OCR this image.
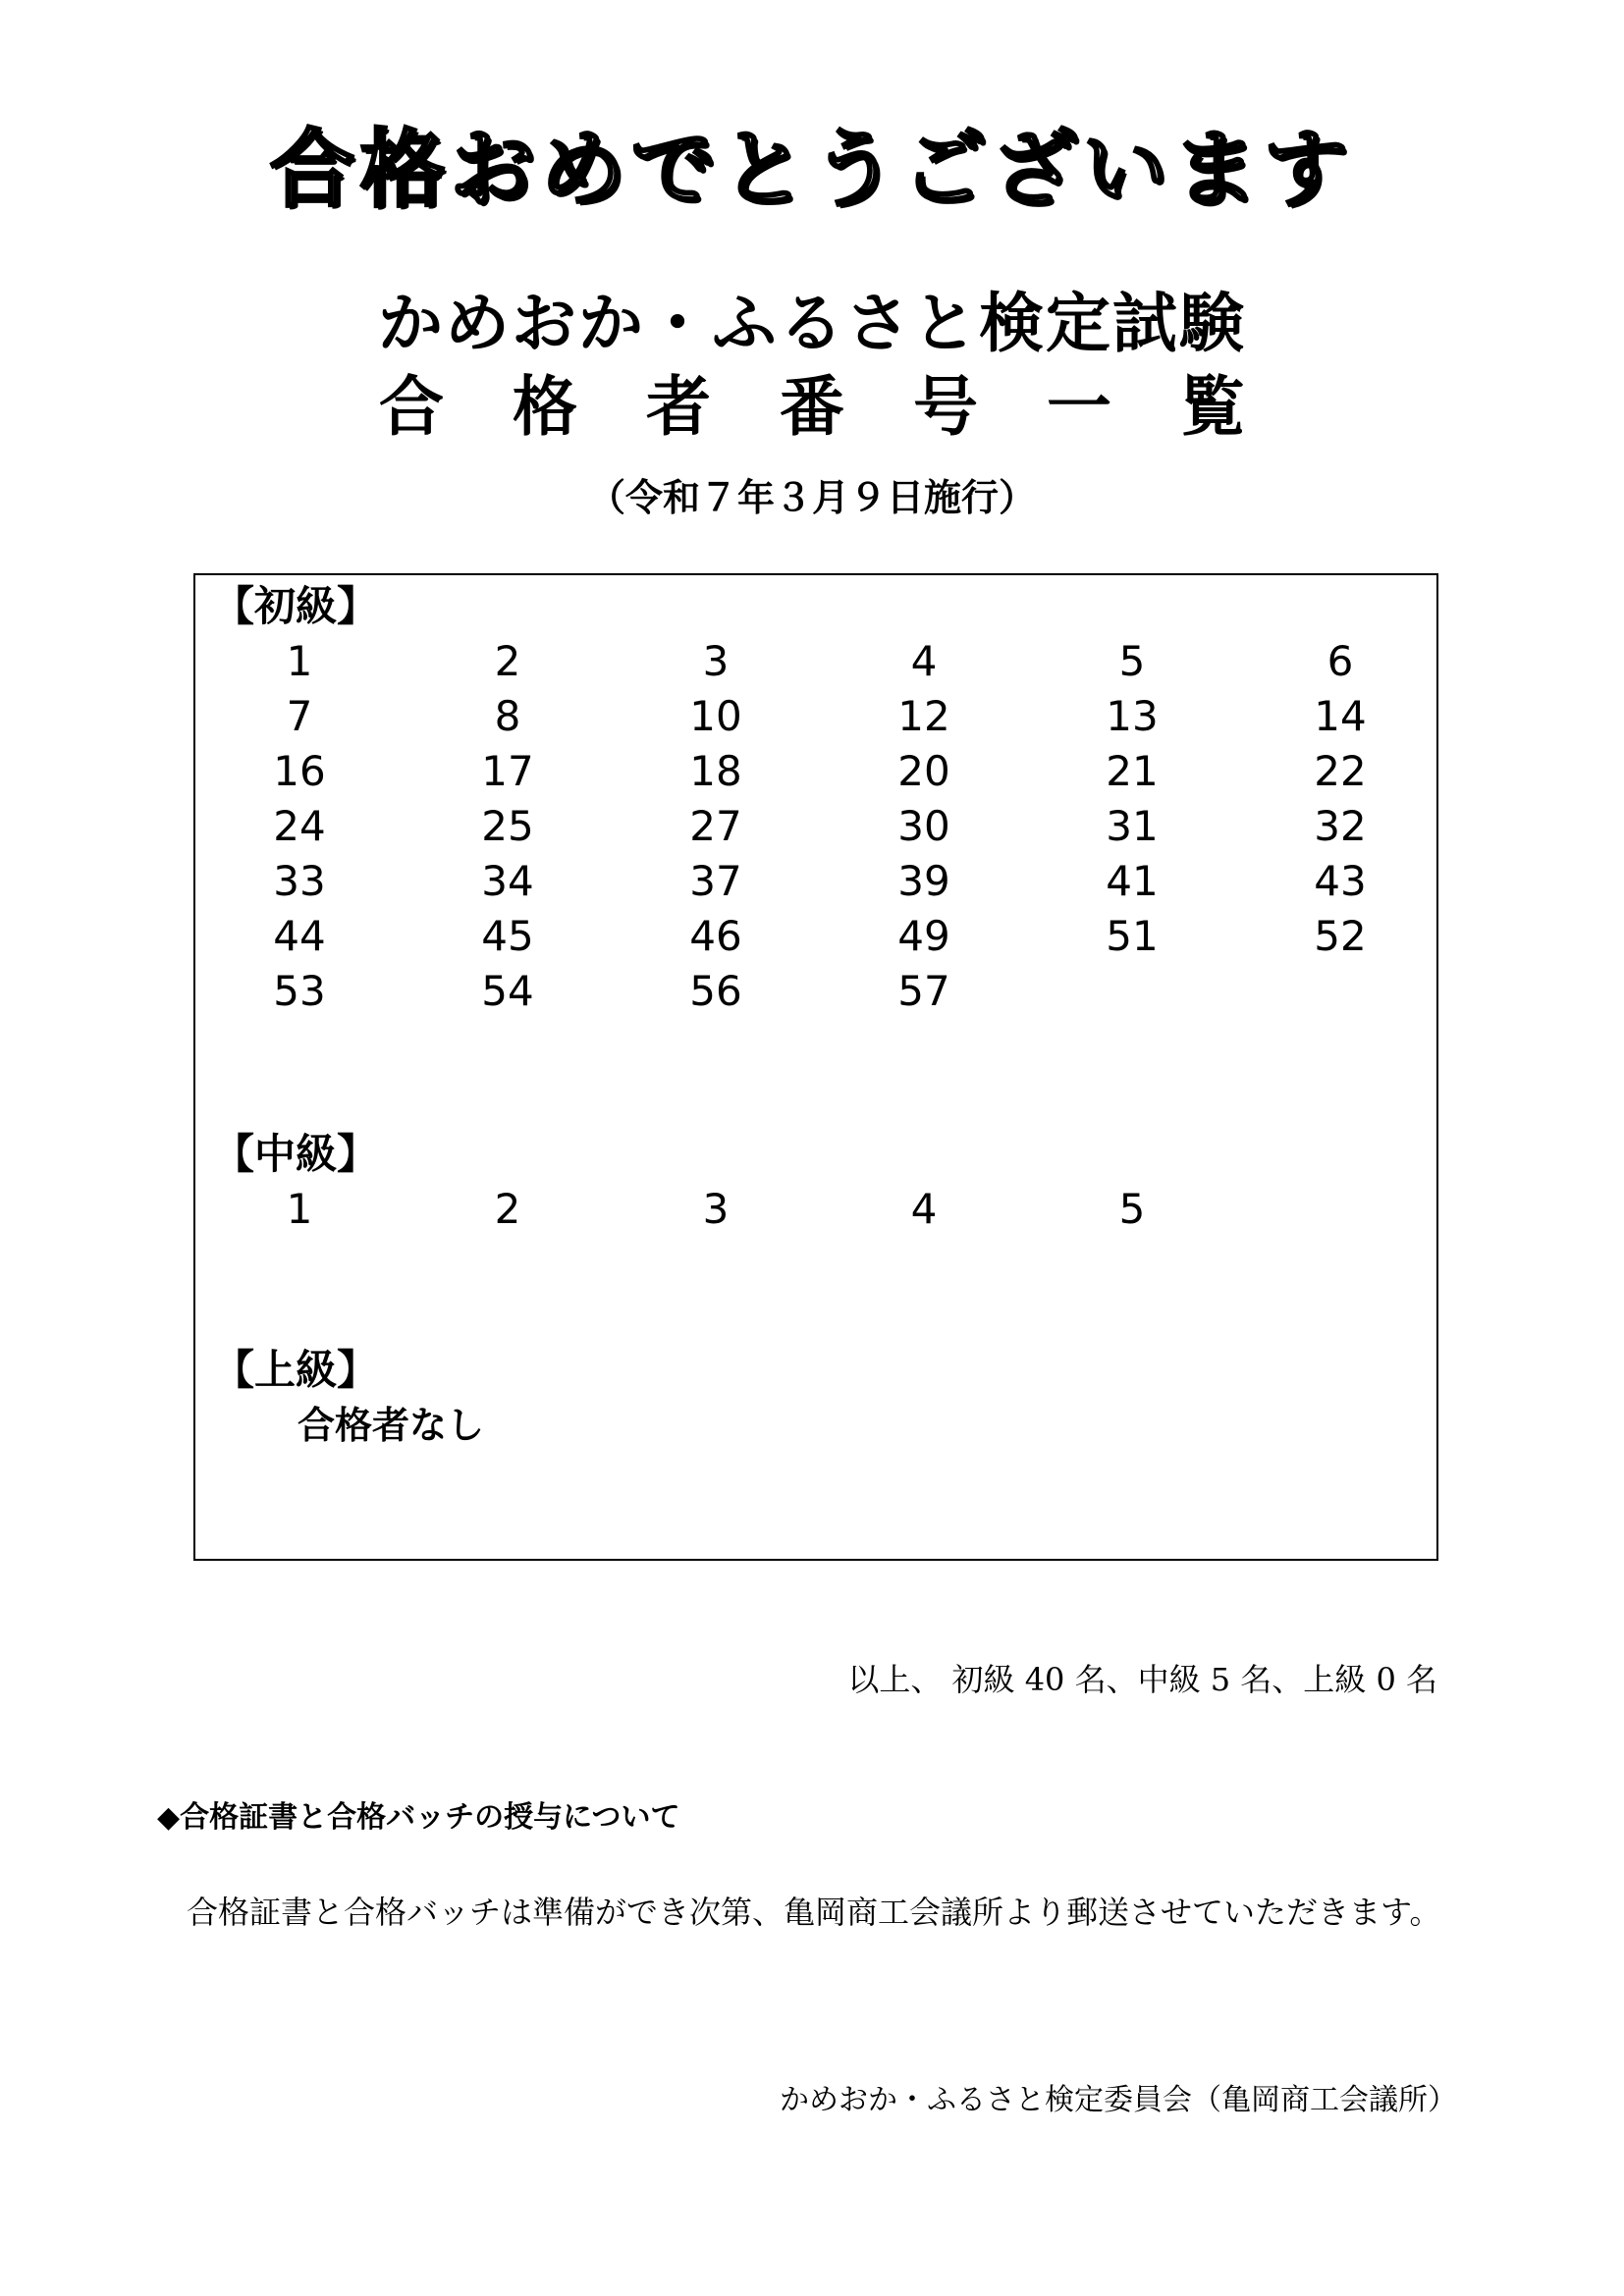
合格おめでとうございます
かめおか・ふるさと検定試験
合格者番号一覧
（令和７年３月９日施行）
【初級】
1	2	3	4	5	6
7	8	10	12	13	14
16	17	18	20	21	22
24	25	27	30	31	32
33	34	37	39	41	43
44	45	46	49	51	52
53	54	56	57
【中級】
1	2	3	4	5
【上級】
合格者なし
以上、 初級 40 名、中級 5 名、上級 0 名
◆合格証書と合格バッチの授与について
合格証書と合格バッチは準備ができ次第、亀岡商工会議所より郵送させていただきます。
かめおか・ふるさと検定委員会（亀岡商工会議所）
